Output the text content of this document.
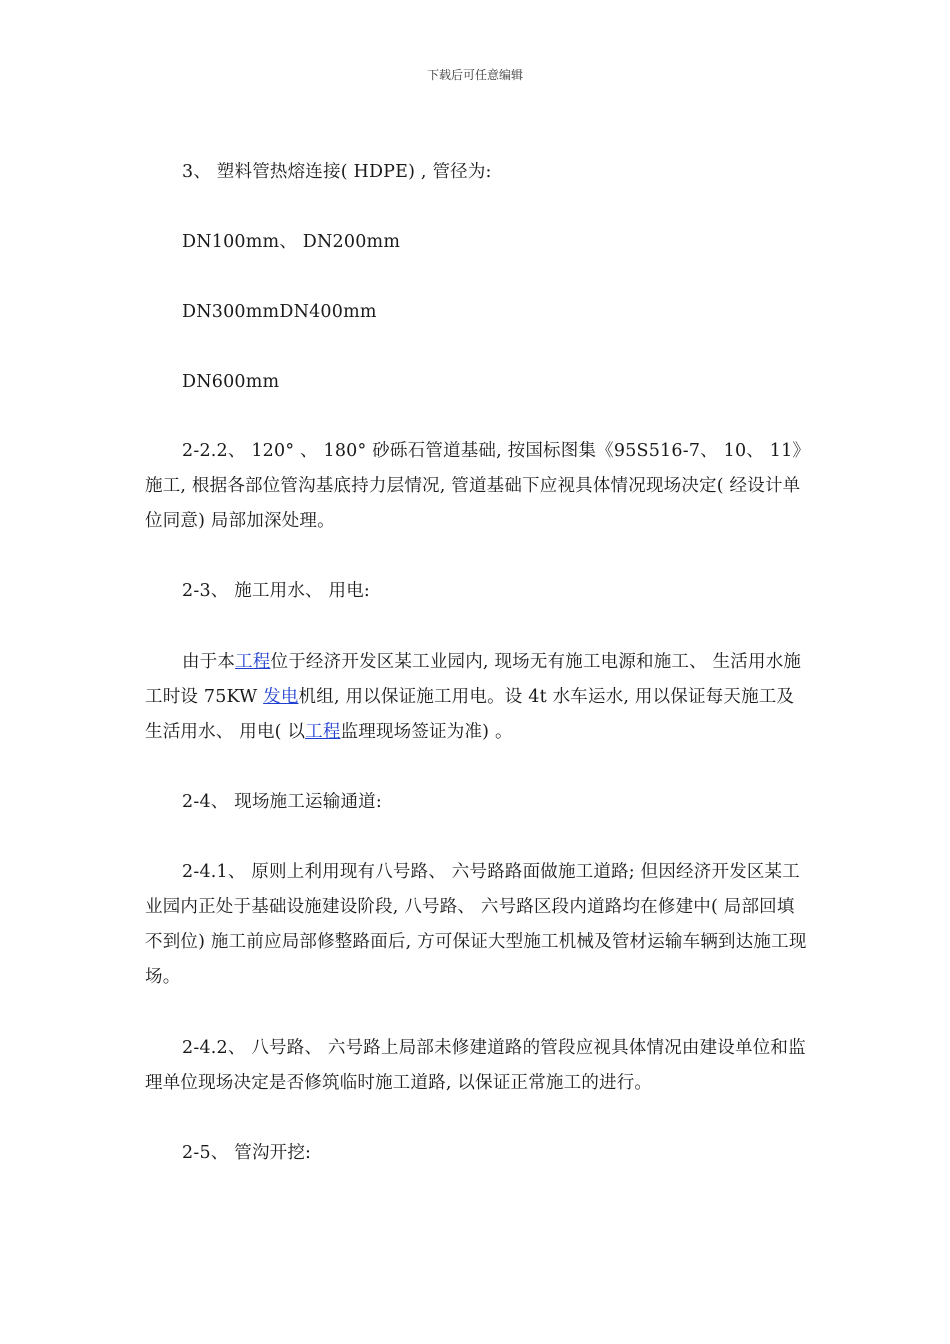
下载后可任意编辑

3、 塑料管热熔连接( HDPE) , 管径为:

DN100mm、 DN200mm

DN300mmDN400mm

DN600mm

2-2.2、 120° 、 180° 砂砾石管道基础, 按国标图集《95S516-7、 10、 11》施工, 根据各部位管沟基底持力层情况, 管道基础下应视具体情况现场决定( 经设计单位同意) 局部加深处理。

2-3、 施工用水、 用电:

由于本工程位于经济开发区某工业园内, 现场无有施工电源和施工、 生活用水施工时设 75KW 发电机组, 用以保证施工用电。设 4t 水车运水, 用以保证每天施工及生活用水、 用电( 以工程监理现场签证为准) 。

2-4、 现场施工运输通道:

2-4.1、 原则上利用现有八号路、 六号路路面做施工道路; 但因经济开发区某工业园内正处于基础设施建设阶段, 八号路、 六号路区段内道路均在修建中( 局部回填不到位) 施工前应局部修整路面后, 方可保证大型施工机械及管材运输车辆到达施工现场。

2-4.2、 八号路、 六号路上局部未修建道路的管段应视具体情况由建设单位和监理单位现场决定是否修筑临时施工道路, 以保证正常施工的进行。

2-5、 管沟开挖:
